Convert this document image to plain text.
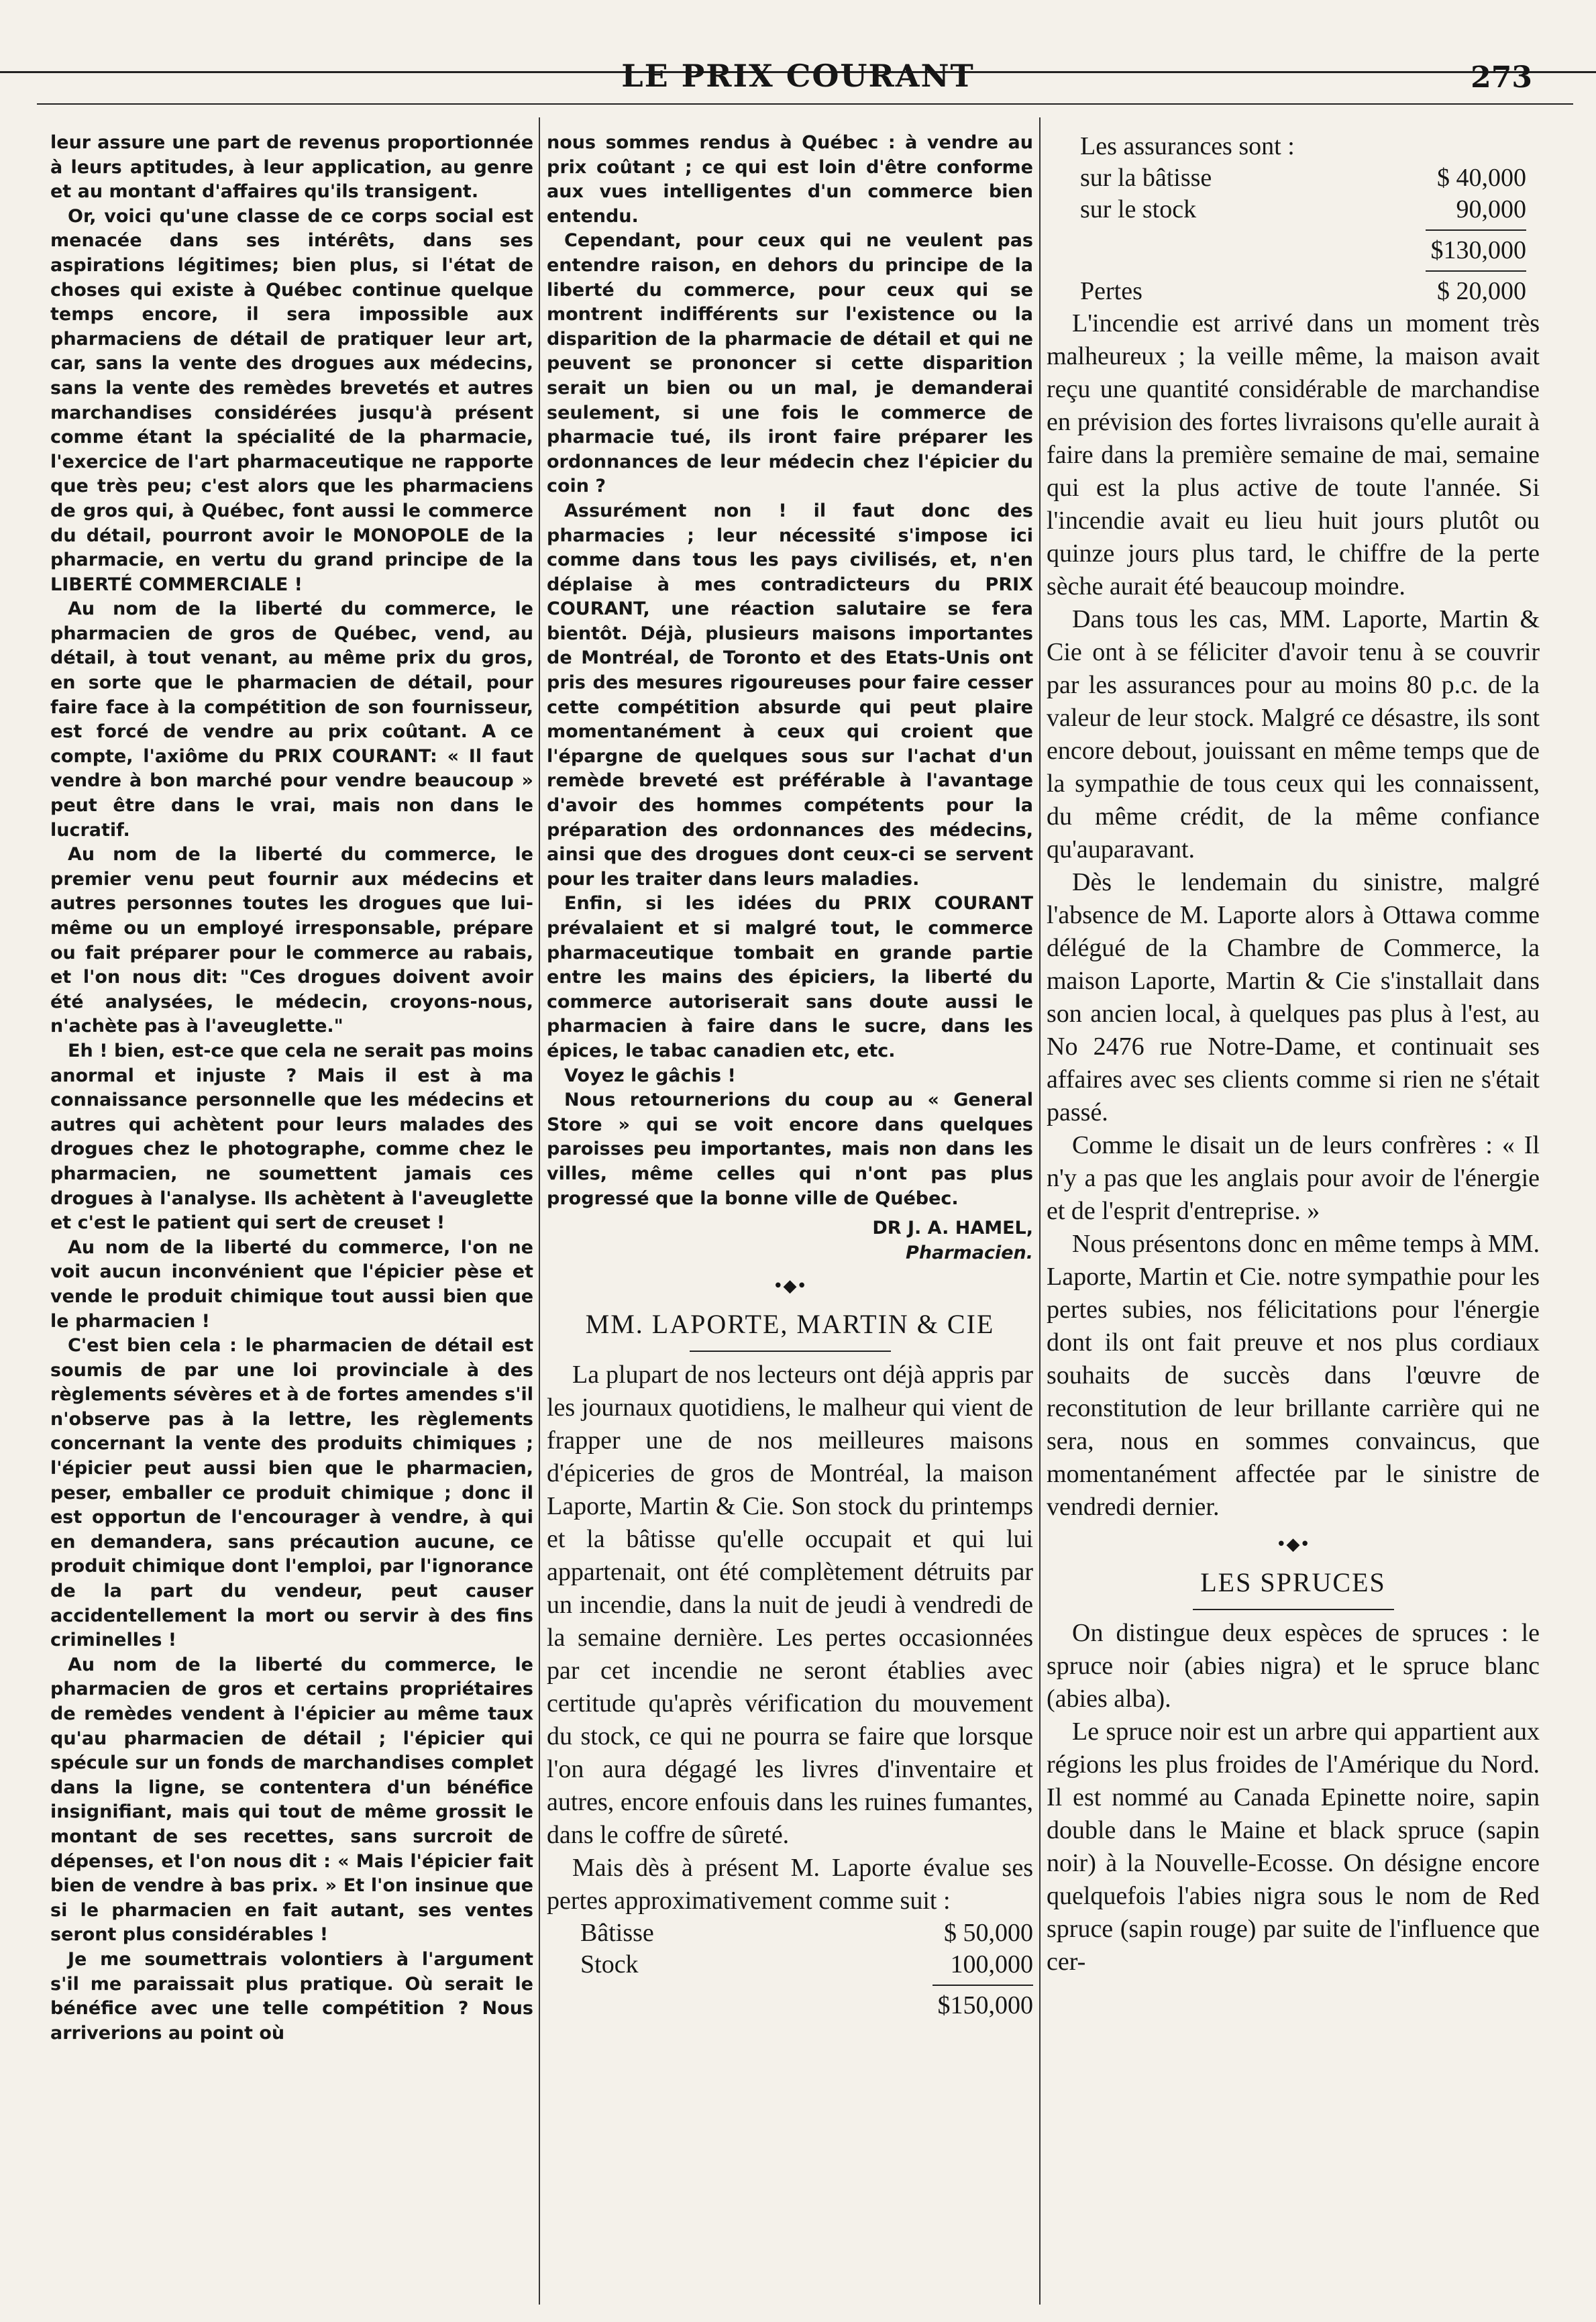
LE PRIX COURANT	273

leur assure une part de revenus proportionnée à leurs aptitudes, à leur application, au genre et au montant d'affaires qu'ils transigent.

Or, voici qu'une classe de ce corps social est menacée dans ses intérêts, dans ses aspirations légitimes; bien plus, si l'état de choses qui existe à Québec continue quelque temps encore, il sera impossible aux pharmaciens de détail de pratiquer leur art, car, sans la vente des drogues aux médecins, sans la vente des remèdes brevetés et autres marchandises considérées jusqu'à présent comme étant la spécialité de la pharmacie, l'exercice de l'art pharmaceutique ne rapporte que très peu; c'est alors que les pharmaciens de gros qui, à Québec, font aussi le commerce du détail, pourront avoir le MONOPOLE de la pharmacie, en vertu du grand principe de la LIBERTÉ COMMERCIALE !

Au nom de la liberté du commerce, le pharmacien de gros de Québec, vend, au détail, à tout venant, au même prix du gros, en sorte que le pharmacien de détail, pour faire face à la compétition de son fournisseur, est forcé de vendre au prix coûtant. A ce compte, l'axiôme du PRIX COURANT: « Il faut vendre à bon marché pour vendre beaucoup » peut être dans le vrai, mais non dans le lucratif.

Au nom de la liberté du commerce, le premier venu peut fournir aux médecins et autres personnes toutes les drogues que lui-même ou un employé irresponsable, prépare ou fait préparer pour le commerce au rabais, et l'on nous dit: "Ces drogues doivent avoir été analysées, le médecin, croyons-nous, n'achète pas à l'aveuglette."

Eh ! bien, est-ce que cela ne serait pas moins anormal et injuste ? Mais il est à ma connaissance personnelle que les médecins et autres qui achètent pour leurs malades des drogues chez le photographe, comme chez le pharmacien, ne soumettent jamais ces drogues à l'analyse. Ils achètent à l'aveuglette et c'est le patient qui sert de creuset !

Au nom de la liberté du commerce, l'on ne voit aucun inconvénient que l'épicier pèse et vende le produit chimique tout aussi bien que le pharmacien !

C'est bien cela : le pharmacien de détail est soumis de par une loi provinciale à des règlements sévères et à de fortes amendes s'il n'observe pas à la lettre, les règlements concernant la vente des produits chimiques ; l'épicier peut aussi bien que le pharmacien, peser, emballer ce produit chimique ; donc il est opportun de l'encourager à vendre, à qui en demandera, sans précaution aucune, ce produit chimique dont l'emploi, par l'ignorance de la part du vendeur, peut causer accidentellement la mort ou servir à des fins criminelles !

Au nom de la liberté du commerce, le pharmacien de gros et certains propriétaires de remèdes vendent à l'épicier au même taux qu'au pharmacien de détail ; l'épicier qui spécule sur un fonds de marchandises complet dans la ligne, se contentera d'un bénéfice insignifiant, mais qui tout de même grossit le montant de ses recettes, sans surcroit de dépenses, et l'on nous dit : « Mais l'épicier fait bien de vendre à bas prix. » Et l'on insinue que si le pharmacien en fait autant, ses ventes seront plus considérables !

Je me soumettrais volontiers à l'argument s'il me paraissait plus pratique. Où serait le bénéfice avec une telle compétition ? Nous arriverions au point où

nous sommes rendus à Québec : à vendre au prix coûtant ; ce qui est loin d'être conforme aux vues intelligentes d'un commerce bien entendu.

Cependant, pour ceux qui ne veulent pas entendre raison, en dehors du principe de la liberté du commerce, pour ceux qui se montrent indifférents sur l'existence ou la disparition de la pharmacie de détail et qui ne peuvent se prononcer si cette disparition serait un bien ou un mal, je demanderai seulement, si une fois le commerce de pharmacie tué, ils iront faire préparer les ordonnances de leur médecin chez l'épicier du coin ?

Assurément non ! il faut donc des pharmacies ; leur nécessité s'impose ici comme dans tous les pays civilisés, et, n'en déplaise à mes contradicteurs du PRIX COURANT, une réaction salutaire se fera bientôt. Déjà, plusieurs maisons importantes de Montréal, de Toronto et des Etats-Unis ont pris des mesures rigoureuses pour faire cesser cette compétition absurde qui peut plaire momentanément à ceux qui croient que l'épargne de quelques sous sur l'achat d'un remède breveté est préférable à l'avantage d'avoir des hommes compétents pour la préparation des ordonnances des médecins, ainsi que des drogues dont ceux-ci se servent pour les traiter dans leurs maladies.

Enfin, si les idées du PRIX COURANT prévalaient et si malgré tout, le commerce pharmaceutique tombait en grande partie entre les mains des épiciers, la liberté du commerce autoriserait sans doute aussi le pharmacien à faire dans le sucre, dans les épices, le tabac canadien etc, etc.

Voyez le gâchis !

Nous retournerions du coup au « General Store » qui se voit encore dans quelques paroisses peu importantes, mais non dans les villes, même celles qui n'ont pas plus progressé que la bonne ville de Québec.

DR J. A. HAMEL,

Pharmacien.

•◆•
MM. LAPORTE, MARTIN & CIE

La plupart de nos lecteurs ont déjà appris par les journaux quotidiens, le malheur qui vient de frapper une de nos meilleures maisons d'épiceries de gros de Montréal, la maison Laporte, Martin & Cie. Son stock du printemps et la bâtisse qu'elle occupait et qui lui appartenait, ont été complètement détruits par un incendie, dans la nuit de jeudi à vendredi de la semaine dernière. Les pertes occasionnées par cet incendie ne seront établies avec certitude qu'après vérification du mouvement du stock, ce qui ne pourra se faire que lorsque l'on aura dégagé les livres d'inventaire et autres, encore enfouis dans les ruines fumantes, dans le coffre de sûreté.

Mais dès à présent M. Laporte évalue ses pertes approximativement comme suit :

Bâtisse	$ 50,000
Stock	100,000
$150,000
Les assurances sont :
sur la bâtisse	$ 40,000
sur le stock	90,000
$130,000
Pertes	$ 20,000

L'incendie est arrivé dans un moment très malheureux ; la veille même, la maison avait reçu une quantité considérable de marchandise en prévision des fortes livraisons qu'elle aurait à faire dans la première semaine de mai, semaine qui est la plus active de toute l'année. Si l'incendie avait eu lieu huit jours plutôt ou quinze jours plus tard, le chiffre de la perte sèche aurait été beaucoup moindre.

Dans tous les cas, MM. Laporte, Martin & Cie ont à se féliciter d'avoir tenu à se couvrir par les assurances pour au moins 80 p.c. de la valeur de leur stock. Malgré ce désastre, ils sont encore debout, jouissant en même temps que de la sympathie de tous ceux qui les connaissent, du même crédit, de la même confiance qu'auparavant.

Dès le lendemain du sinistre, malgré l'absence de M. Laporte alors à Ottawa comme délégué de la Chambre de Commerce, la maison Laporte, Martin & Cie s'installait dans son ancien local, à quelques pas plus à l'est, au No 2476 rue Notre-Dame, et continuait ses affaires avec ses clients comme si rien ne s'était passé.

Comme le disait un de leurs confrères : « Il n'y a pas que les anglais pour avoir de l'énergie et de l'esprit d'entreprise. »

Nous présentons donc en même temps à MM. Laporte, Martin et Cie. notre sympathie pour les pertes subies, nos félicitations pour l'énergie dont ils ont fait preuve et nos plus cordiaux souhaits de succès dans l'œuvre de reconstitution de leur brillante carrière qui ne sera, nous en sommes convaincus, que momentanément affectée par le sinistre de vendredi dernier.

•◆•
LES SPRUCES

On distingue deux espèces de spruces : le spruce noir (abies nigra) et le spruce blanc (abies alba).

Le spruce noir est un arbre qui appartient aux régions les plus froides de l'Amérique du Nord. Il est nommé au Canada Epinette noire, sapin double dans le Maine et black spruce (sapin noir) à la Nouvelle-Ecosse. On désigne encore quelquefois l'abies nigra sous le nom de Red spruce (sapin rouge) par suite de l'influence que cer-
